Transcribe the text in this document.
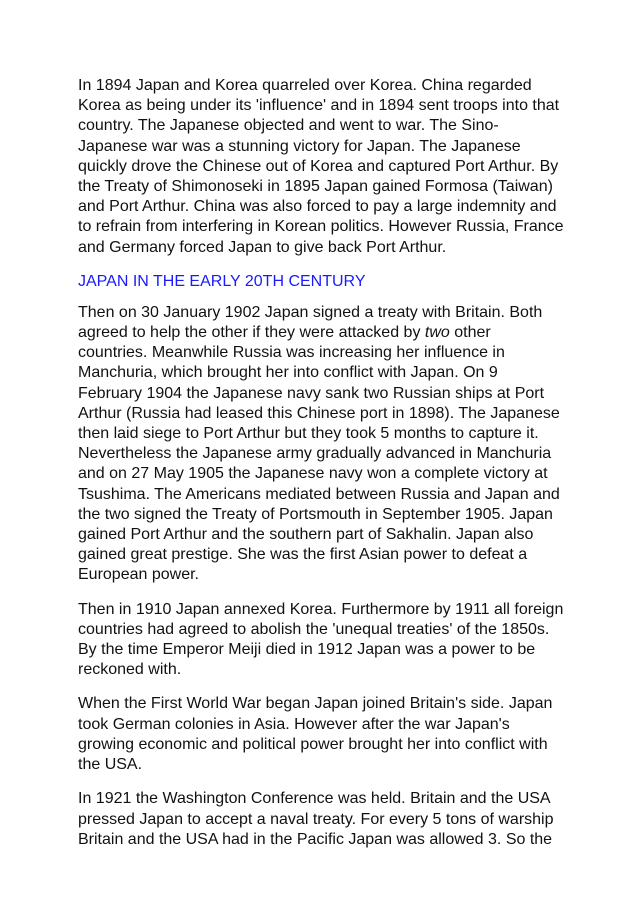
In 1894 Japan and Korea quarreled over Korea. China regarded Korea as being under its 'influence' and in 1894 sent troops into that country. The Japanese objected and went to war. The Sino-Japanese war was a stunning victory for Japan. The Japanese quickly drove the Chinese out of Korea and captured Port Arthur. By the Treaty of Shimonoseki in 1895 Japan gained Formosa (Taiwan) and Port Arthur. China was also forced to pay a large indemnity and to refrain from interfering in Korean politics. However Russia, France and Germany forced Japan to give back Port Arthur.

JAPAN IN THE EARLY 20TH CENTURY

Then on 30 January 1902 Japan signed a treaty with Britain. Both agreed to help the other if they were attacked by two other countries. Meanwhile Russia was increasing her influence in Manchuria, which brought her into conflict with Japan. On 9 February 1904 the Japanese navy sank two Russian ships at Port Arthur (Russia had leased this Chinese port in 1898). The Japanese then laid siege to Port Arthur but they took 5 months to capture it. Nevertheless the Japanese army gradually advanced in Manchuria and on 27 May 1905 the Japanese navy won a complete victory at Tsushima. The Americans mediated between Russia and Japan and the two signed the Treaty of Portsmouth in September 1905. Japan gained Port Arthur and the southern part of Sakhalin. Japan also gained great prestige. She was the first Asian power to defeat a European power.

Then in 1910 Japan annexed Korea. Furthermore by 1911 all foreign countries had agreed to abolish the 'unequal treaties' of the 1850s. By the time Emperor Meiji died in 1912 Japan was a power to be reckoned with.

When the First World War began Japan joined Britain's side. Japan took German colonies in Asia. However after the war Japan's growing economic and political power brought her into conflict with the USA.

In 1921 the Washington Conference was held. Britain and the USA pressed Japan to accept a naval treaty. For every 5 tons of warship Britain and the USA had in the Pacific Japan was allowed 3. So the
